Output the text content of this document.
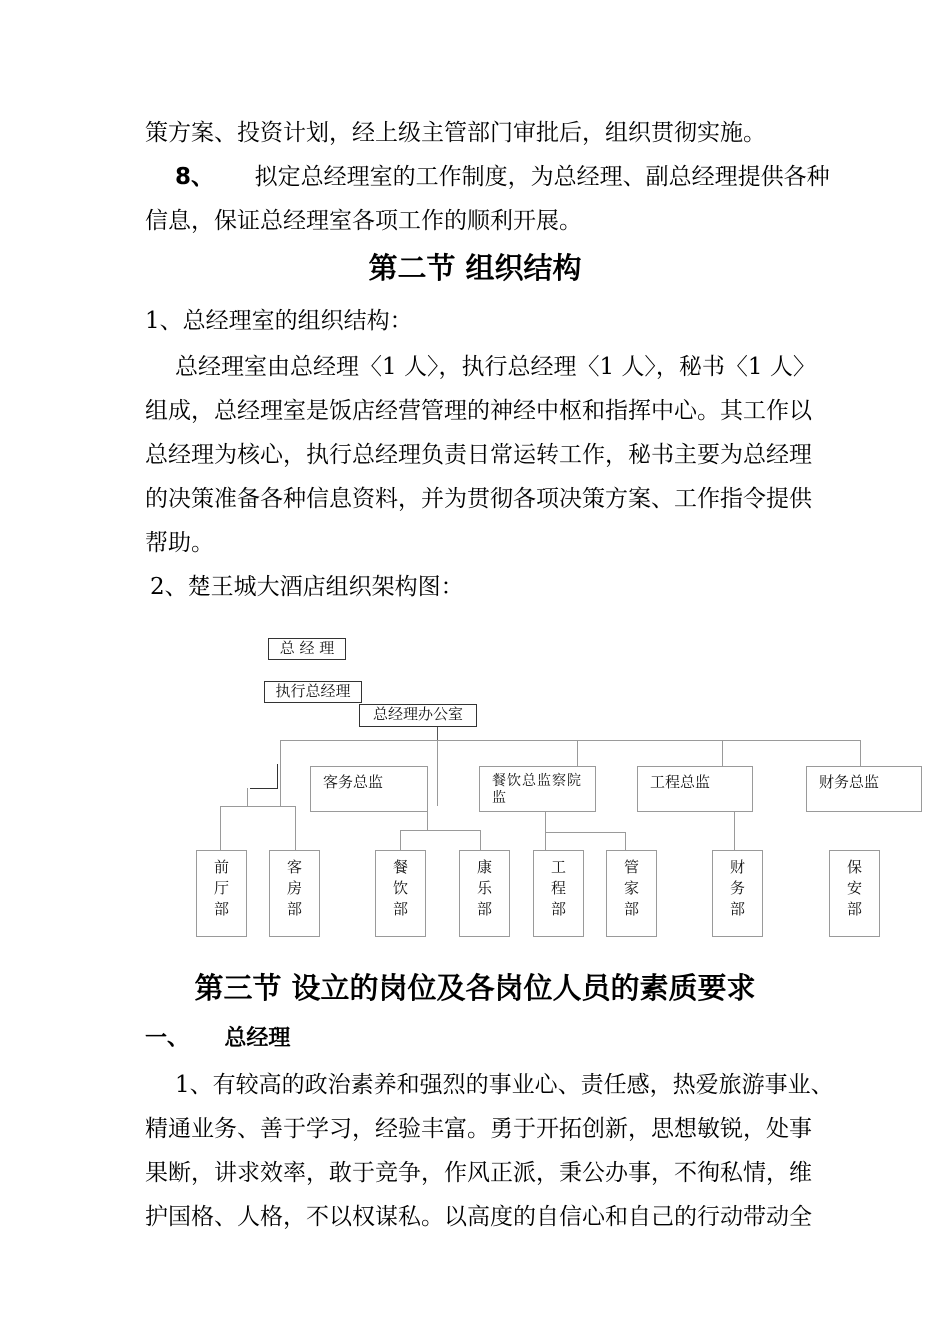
策方案、投资计划，经上级主管部门审批后，组织贯彻实施。
8、 拟定总经理室的工作制度，为总经理、副总经理提供各种
信息，保证总经理室各项工作的顺利开展。
第二节 组织结构
1、总经理室的组织结构：
总经理室由总经理〈1 人〉，执行总经理〈1 人〉，秘书〈1 人〉
组成，总经理室是饭店经营管理的神经中枢和指挥中心。其工作以
总经理为核心，执行总经理负责日常运转工作，秘书主要为总经理
的决策准备各种信息资料，并为贯彻各项决策方案、工作指令提供
帮助。
2、楚王城大酒店组织架构图：
总 经 理
执行总经理
总经理办公室
客务总监	餐饮总监察院监
工程总监	财务总监
前厅部
客房部
餐饮部
康乐部
工程部
管家部
财务部
保安部
第三节 设立的岗位及各岗位人员的素质要求
一、 总经理
1、有较高的政治素养和强烈的事业心、责任感，热爱旅游事业、
精通业务、善于学习，经验丰富。勇于开拓创新，思想敏锐，处事
果断，讲求效率，敢于竞争，作风正派，秉公办事，不徇私情，维
护国格、人格，不以权谋私。以高度的自信心和自己的行动带动全
